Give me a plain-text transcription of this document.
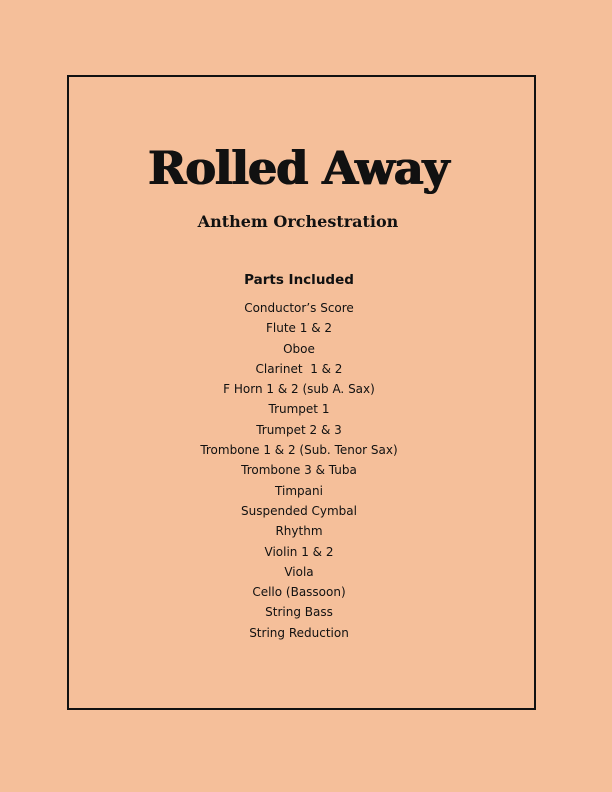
Rolled Away
Anthem Orchestration
Parts Included
Conductor’s Score
Flute 1 & 2
Oboe
Clarinet  1 & 2
F Horn 1 & 2 (sub A. Sax)
Trumpet 1
Trumpet 2 & 3
Trombone 1 & 2 (Sub. Tenor Sax)
Trombone 3 & Tuba
Timpani
Suspended Cymbal
Rhythm
Violin 1 & 2
Viola
Cello (Bassoon)
String Bass
String Reduction
